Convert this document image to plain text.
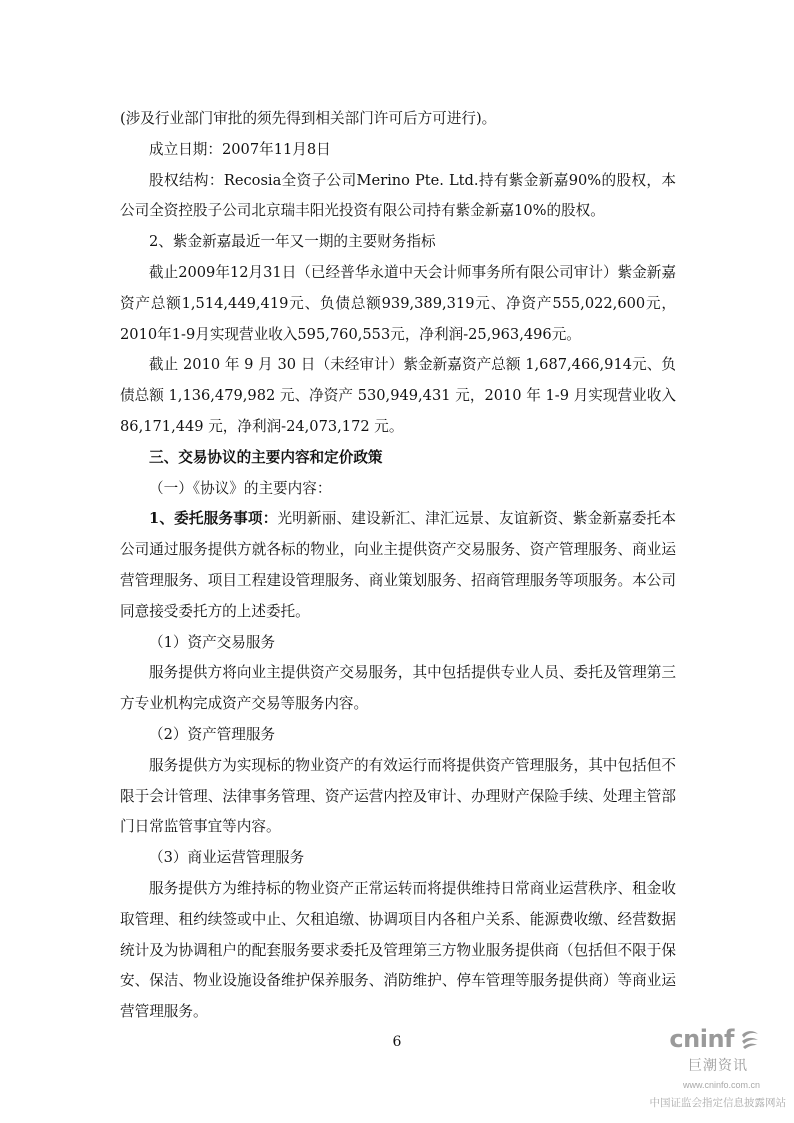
(涉及行业部门审批的须先得到相关部门许可后方可进行)。

成立日期：2007年11月8日

股权结构：Recosia全资子公司Merino Pte. Ltd.持有紫金新嘉90%的股权，本公司全资控股子公司北京瑞丰阳光投资有限公司持有紫金新嘉10%的股权。

2、紫金新嘉最近一年又一期的主要财务指标

截止2009年12月31日（已经普华永道中天会计师事务所有限公司审计）紫金新嘉资产总额1,514,449,419元、负债总额939,389,319元、净资产555,022,600元，2010年1-9月实现营业收入595,760,553元，净利润-25,963,496元。

截止 2010 年 9 月 30 日（未经审计）紫金新嘉资产总额 1,687,466,914元、负债总额 1,136,479,982 元、净资产 530,949,431 元，2010 年 1-9 月实现营业收入86,171,449 元，净利润-24,073,172 元。

三、交易协议的主要内容和定价政策

（一）《协议》的主要内容：

1、委托服务事项：光明新丽、建设新汇、津汇远景、友谊新资、紫金新嘉委托本公司通过服务提供方就各标的物业，向业主提供资产交易服务、资产管理服务、商业运营管理服务、项目工程建设管理服务、商业策划服务、招商管理服务等项服务。本公司同意接受委托方的上述委托。

（1）资产交易服务

服务提供方将向业主提供资产交易服务，其中包括提供专业人员、委托及管理第三方专业机构完成资产交易等服务内容。

（2）资产管理服务

服务提供方为实现标的物业资产的有效运行而将提供资产管理服务，其中包括但不限于会计管理、法律事务管理、资产运营内控及审计、办理财产保险手续、处理主管部门日常监管事宜等内容。

（3）商业运营管理服务

服务提供方为维持标的物业资产正常运转而将提供维持日常商业运营秩序、租金收取管理、租约续签或中止、欠租追缴、协调项目内各租户关系、能源费收缴、经营数据统计及为协调租户的配套服务要求委托及管理第三方物业服务提供商（包括但不限于保安、保洁、物业设施设备维护保养服务、消防维护、停车管理等服务提供商）等商业运营管理服务。

6	cninf
巨潮资讯
www.cninfo.com.cn
中国证监会指定信息披露网站
